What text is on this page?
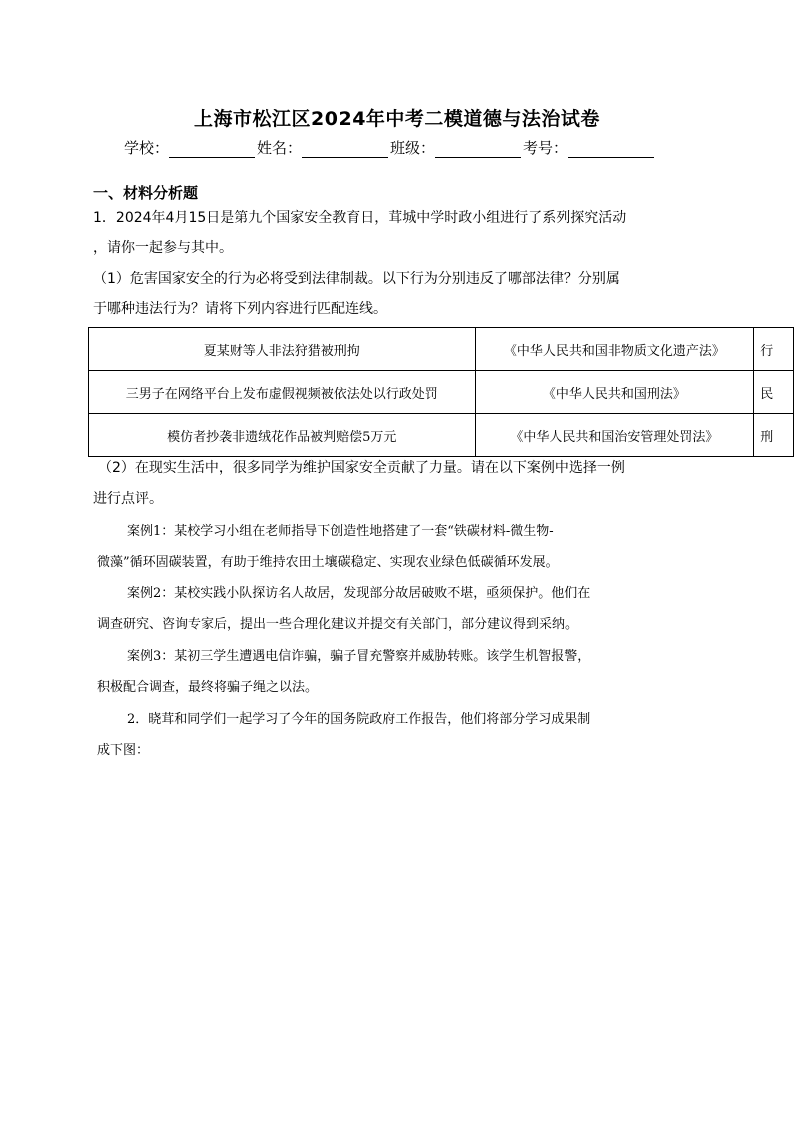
上海市松江区2024年中考二模道德与法治试卷
学校：	姓名：	班级：	考号：
一、材料分析题
1．2024年4月15日是第九个国家安全教育日，茸城中学时政小组进行了系列探究活动
，请你一起参与其中。
（1）危害国家安全的行为必将受到法律制裁。以下行为分别违反了哪部法律？分别属
于哪种违法行为？请将下列内容进行匹配连线。
夏某财等人非法狩猎被刑拘	《中华人民共和国非物质文化遗产法》	行
三男子在网络平台上发布虚假视频被依法处以行政处罚	《中华人民共和国刑法》	民
模仿者抄袭非遗绒花作品被判赔偿5万元	《中华人民共和国治安管理处罚法》	刑
（2）在现实生活中，很多同学为维护国家安全贡献了力量。请在以下案例中选择一例
进行点评。
案例1：某校学习小组在老师指导下创造性地搭建了一套“铁碳材料-微生物-
微藻”循环固碳装置，有助于维持农田土壤碳稳定、实现农业绿色低碳循环发展。
案例2：某校实践小队探访名人故居，发现部分故居破败不堪，亟须保护。他们在
调查研究、咨询专家后，提出一些合理化建议并提交有关部门，部分建议得到采纳。
案例3：某初三学生遭遇电信诈骗，骗子冒充警察并威胁转账。该学生机智报警，
积极配合调查，最终将骗子绳之以法。
2．晓茸和同学们一起学习了今年的国务院政府工作报告，他们将部分学习成果制
成下图：
